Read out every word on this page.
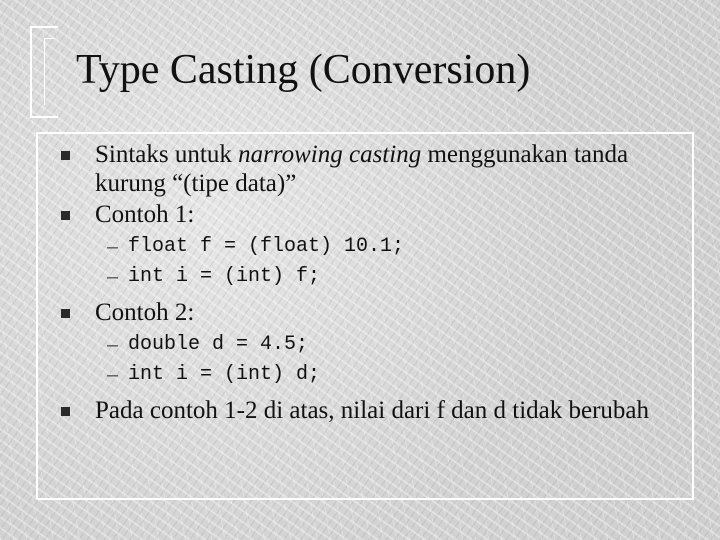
Type Casting (Conversion)
Sintaks untuk narrowing casting menggunakan tanda kurung “(tipe data)”
Contoh 1:
– float f = (float) 10.1;
– int i = (int) f;
Contoh 2:
– double d = 4.5;
– int i = (int) d;
Pada contoh 1-2 di atas, nilai dari f dan d tidak berubah
